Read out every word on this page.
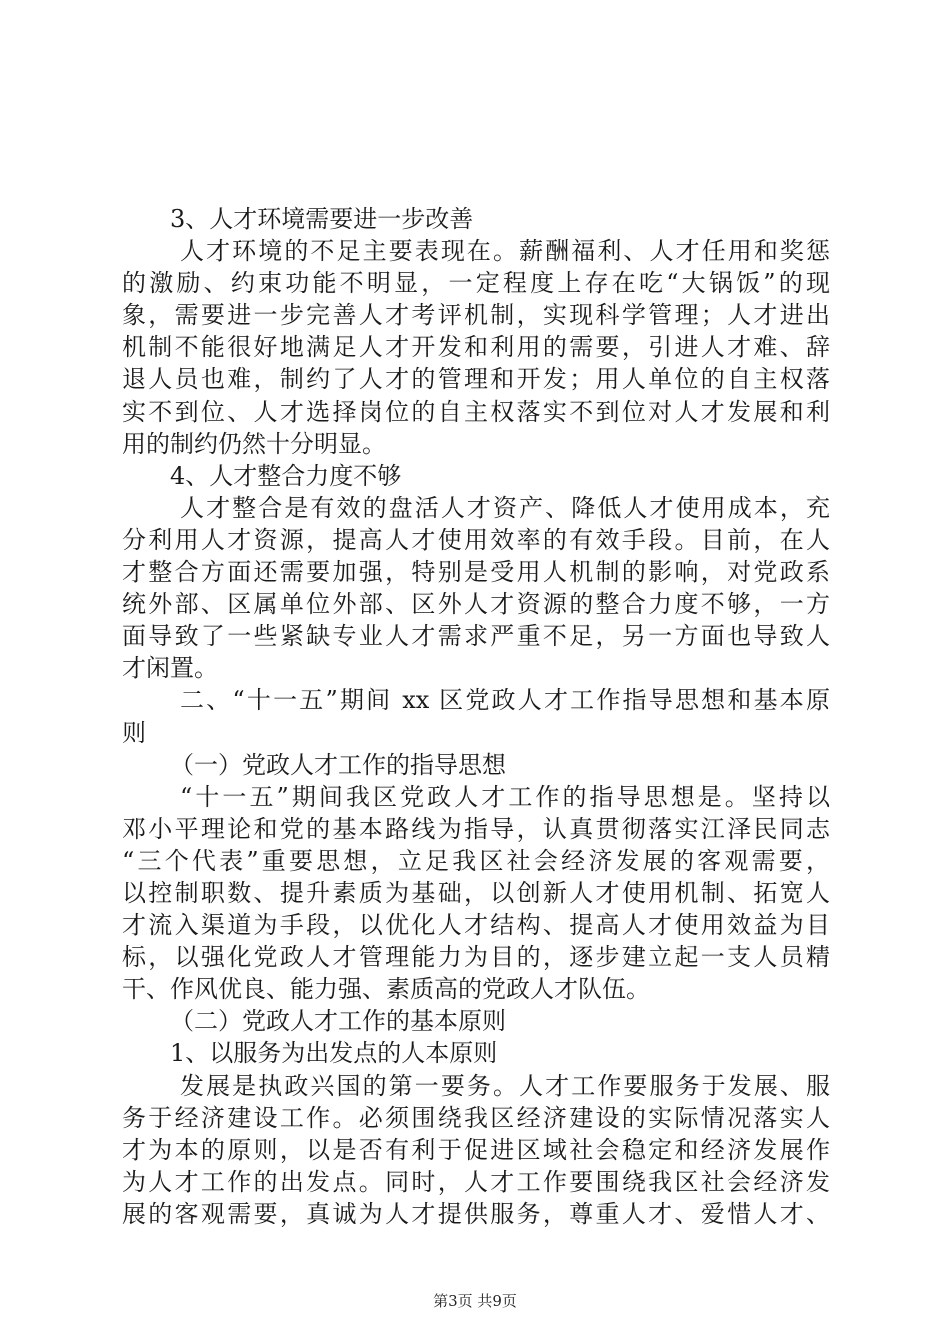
3、人才环境需要进一步改善
人才环境的不足主要表现在。薪酬福利、人才任用和奖惩
的激励、约束功能不明显，一定程度上存在吃“大锅饭”的现
象，需要进一步完善人才考评机制，实现科学管理；人才进出
机制不能很好地满足人才开发和利用的需要，引进人才难、辞
退人员也难，制约了人才的管理和开发；用人单位的自主权落
实不到位、人才选择岗位的自主权落实不到位对人才发展和利
用的制约仍然十分明显。
4、人才整合力度不够
人才整合是有效的盘活人才资产、降低人才使用成本，充
分利用人才资源，提高人才使用效率的有效手段。目前，在人
才整合方面还需要加强，特别是受用人机制的影响，对党政系
统外部、区属单位外部、区外人才资源的整合力度不够，一方
面导致了一些紧缺专业人才需求严重不足，另一方面也导致人
才闲置。
二、“十一五”期间 xx 区党政人才工作指导思想和基本原
则
（一）党政人才工作的指导思想
“十一五”期间我区党政人才工作的指导思想是。坚持以
邓小平理论和党的基本路线为指导，认真贯彻落实江泽民同志
“三个代表”重要思想，立足我区社会经济发展的客观需要，
以控制职数、提升素质为基础，以创新人才使用机制、拓宽人
才流入渠道为手段，以优化人才结构、提高人才使用效益为目
标，以强化党政人才管理能力为目的，逐步建立起一支人员精
干、作风优良、能力强、素质高的党政人才队伍。
（二）党政人才工作的基本原则
1、以服务为出发点的人本原则
发展是执政兴国的第一要务。人才工作要服务于发展、服
务于经济建设工作。必须围绕我区经济建设的实际情况落实人
才为本的原则，以是否有利于促进区域社会稳定和经济发展作
为人才工作的出发点。同时，人才工作要围绕我区社会经济发
展的客观需要，真诚为人才提供服务，尊重人才、爱惜人才、
第3页 共9页
